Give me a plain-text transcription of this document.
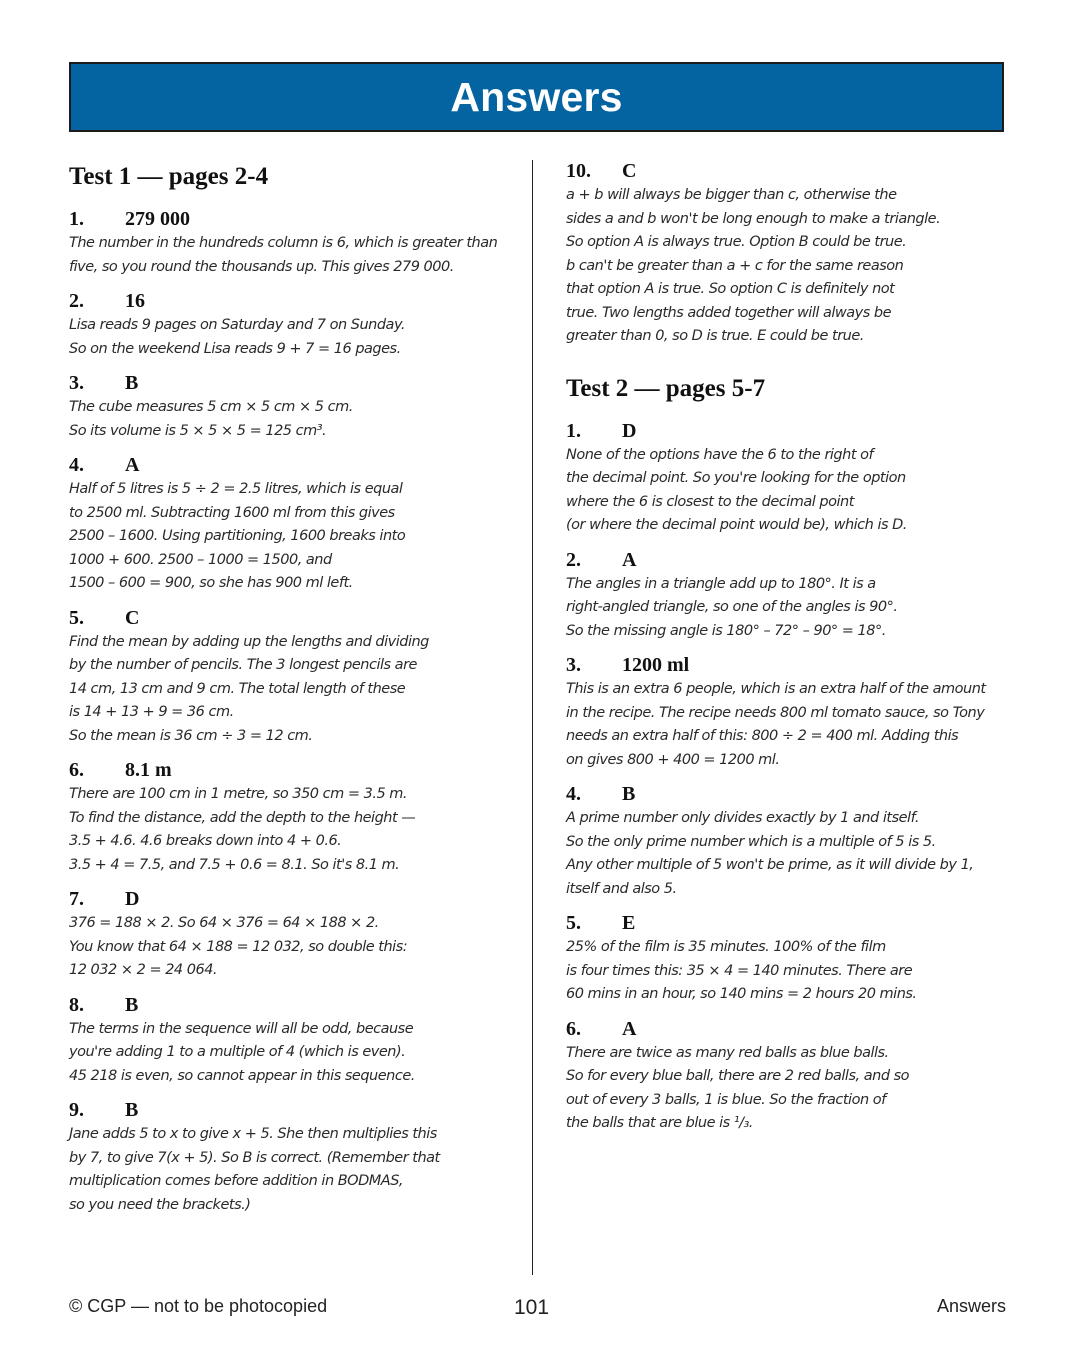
Answers
Test 1 — pages 2-4
1.	279 000
The number in the hundreds column is 6, which is greater than
five, so you round the thousands up. This gives 279 000.
2.	16
Lisa reads 9 pages on Saturday and 7 on Sunday.
So on the weekend Lisa reads 9 + 7 = 16 pages.
3.	B
The cube measures 5 cm × 5 cm × 5 cm.
So its volume is 5 × 5 × 5 = 125 cm³.
4.	A
Half of 5 litres is 5 ÷ 2 = 2.5 litres, which is equal
to 2500 ml. Subtracting 1600 ml from this gives
2500 – 1600. Using partitioning, 1600 breaks into
1000 + 600. 2500 – 1000 = 1500, and
1500 – 600 = 900, so she has 900 ml left.
5.	C
Find the mean by adding up the lengths and dividing
by the number of pencils. The 3 longest pencils are
14 cm, 13 cm and 9 cm. The total length of these
is 14 + 13 + 9 = 36 cm.
So the mean is 36 cm ÷ 3 = 12 cm.
6.	8.1 m
There are 100 cm in 1 metre, so 350 cm = 3.5 m.
To find the distance, add the depth to the height —
3.5 + 4.6. 4.6 breaks down into 4 + 0.6.
3.5 + 4 = 7.5, and 7.5 + 0.6 = 8.1. So it's 8.1 m.
7.	D
376 = 188 × 2. So 64 × 376 = 64 × 188 × 2.
You know that 64 × 188 = 12 032, so double this:
12 032 × 2 = 24 064.
8.	B
The terms in the sequence will all be odd, because
you're adding 1 to a multiple of 4 (which is even).
45 218 is even, so cannot appear in this sequence.
9.	B
Jane adds 5 to x to give x + 5. She then multiplies this
by 7, to give 7(x + 5). So B is correct. (Remember that
multiplication comes before addition in BODMAS,
so you need the brackets.)
10.	C
a + b will always be bigger than c, otherwise the
sides a and b won't be long enough to make a triangle.
So option A is always true. Option B could be true.
b can't be greater than a + c for the same reason
that option A is true. So option C is definitely not
true. Two lengths added together will always be
greater than 0, so D is true. E could be true.
Test 2 — pages 5-7
1.	D
None of the options have the 6 to the right of
the decimal point. So you're looking for the option
where the 6 is closest to the decimal point
(or where the decimal point would be), which is D.
2.	A
The angles in a triangle add up to 180°. It is a
right-angled triangle, so one of the angles is 90°.
So the missing angle is 180° – 72° – 90° = 18°.
3.	1200 ml
This is an extra 6 people, which is an extra half of the amount
in the recipe. The recipe needs 800 ml tomato sauce, so Tony
needs an extra half of this: 800 ÷ 2 = 400 ml. Adding this
on gives 800 + 400 = 1200 ml.
4.	B
A prime number only divides exactly by 1 and itself.
So the only prime number which is a multiple of 5 is 5.
Any other multiple of 5 won't be prime, as it will divide by 1,
itself and also 5.
5.	E
25% of the film is 35 minutes. 100% of the film
is four times this: 35 × 4 = 140 minutes. There are
60 mins in an hour, so 140 mins = 2 hours 20 mins.
6.	A
There are twice as many red balls as blue balls.
So for every blue ball, there are 2 red balls, and so
out of every 3 balls, 1 is blue. So the fraction of
the balls that are blue is ¹/₃.
© CGP — not to be photocopied	101	Answers
